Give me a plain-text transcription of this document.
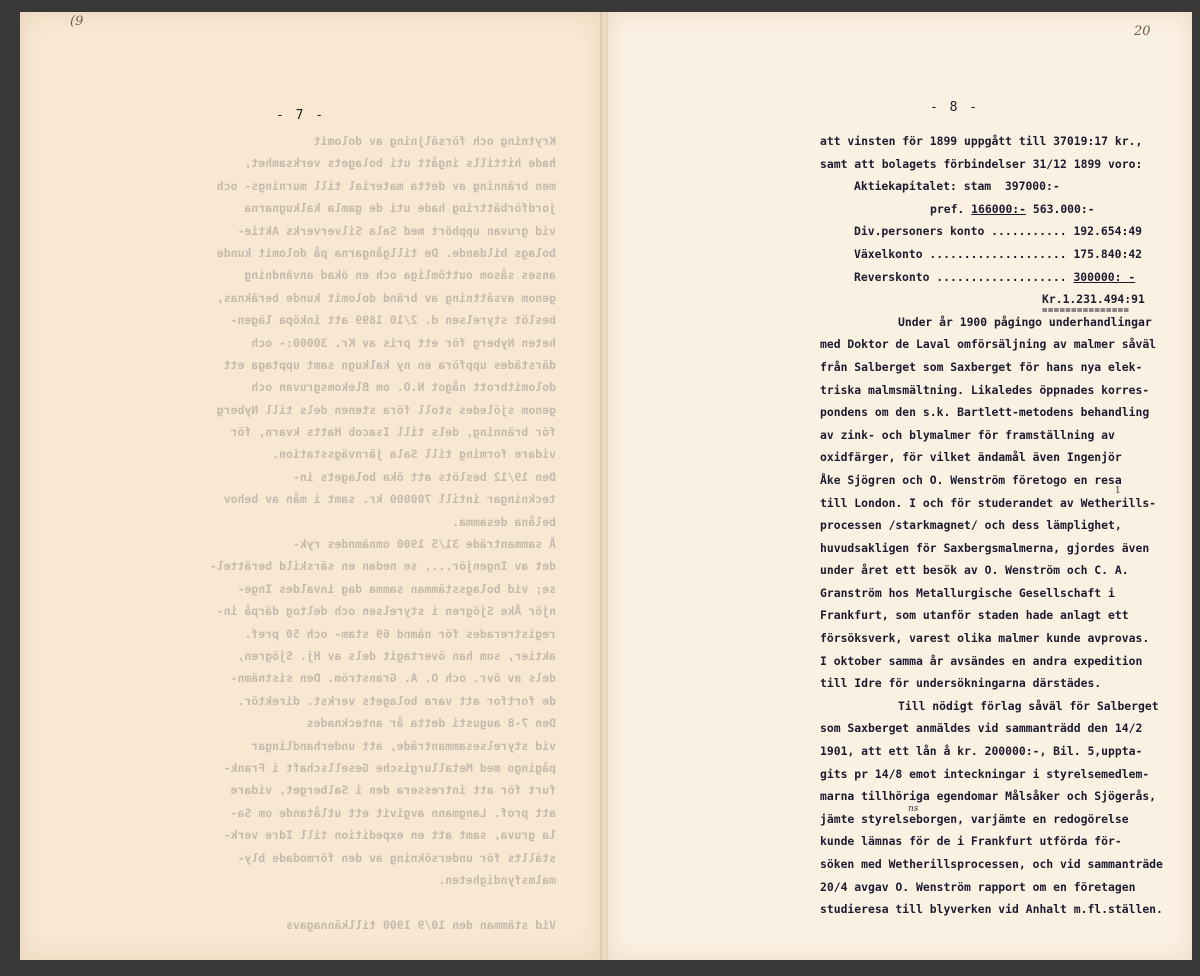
(9
- 7 -
Krytning och försäljning av dolomit
hade hittills ingått uti bolagets verksamhet,
men bränning av detta material till murnings- och
jordförbättring hade uti de gamla kalkugnarna
vid gruvan upphört med Sala Silververks Aktie-
bolags bildande. De tillgångarna på dolomit kunde
anses såsom outtömliga och en ökad användning
genom avsättning av bränd dolomit kunde beräknas,
beslöt styrelsen d. 2/10 1899 att inköpa lägen-
heten Nyberg för ett pris av Kr. 30000:- och
därstädes uppföra en ny kalkugn samt upptaga ett
dolomitbrott något N.O. om Blekomsgruvan och
genom sjöledes stoll föra stenen dels till Nyberg
för bränning, dels till Isacob Hatts kvarn, för
vidare forming till Sala järnvägsstation.
Den 19/12 beslöts att öka bolagets in-
teckningar intill 700000 kr. samt i mån av behov
belåna desamma.
Å sammanträde 31/5 1900 omnämndes ryk-
det av Ingenjör..., se nedan en särskild berättel-
se; vid bolagsstämman samma dag invaldes Inge-
njör Åke Sjögren i styrelsen och deltog därpå in-
registrerades för nämnd 69 stam- och 50 pref.
aktier, som han övertagit dels av Hj. Sjögren,
dels av övr. och O. A. Granström. Den sistnämn-
de fortfor att vara bolagets verkst. direktör.
Den 7-8 augusti detta år antecknades
vid styrelsesammanträde, att underhandlingar
pågingo med Metallurgische Gesellschaft i Frank-
furt för att intressera den i Salberget, vidare
att prof. Langmann avgivit ett utlåtande om Sa-
la gruva, samt att en expedition till Idre verk-
ställts för undersökning av den förmodade bly-
malmsfyndigheten.
Vid stämman den 10/9 1900 tillkännagavs
20
- 8 -
att vinsten för 1899 uppgått till 37019:17 kr.,
samt att bolagets förbindelser 31/12 1899 voro:
Aktiekapitalet: stam 397000:-
pref. 166000:- 563.000:-
Div.personers konto ........... 192.654:49
Växelkonto .................... 175.840:42
Reverskonto ................... 300000: -
Kr.1.231.494:91

===============

Under år 1900 pågingo underhandlingar
med Doktor de Laval omförsäljning av malmer såväl
från Salberget som Saxberget för hans nya elek-
triska malmsmältning. Likaledes öppnades korres-
pondens om den s.k. Bartlett-metodens behandling
av zink- och blymalmer för framställning av
oxidfärger, för vilket ändamål även Ingenjör
Åke Sjögren och O. Wenström företogo en resa
till London. I och för studerandet av Wetherills-
1
processen /starkmagnet/ och dess lämplighet,
huvudsakligen för Saxbergsmalmerna, gjordes även
under året ett besök av O. Wenström och C. A.
Granström hos Metallurgische Gesellschaft i
Frankfurt, som utanför staden hade anlagt ett
försöksverk, varest olika malmer kunde avprovas.
I oktober samma år avsändes en andra expedition
till Idre för undersökningarna därstädes.
Till nödigt förlag såväl för Salberget
som Saxberget anmäldes vid sammanträdd den 14/2
1901, att ett lån å kr. 200000:-, Bil. 5,uppta-
gits pr 14/8 emot inteckningar i styrelsemedlem-
marna tillhöriga egendomar Målsåker och Sjögerås,
jämte styrelseborgen, varjämte en redogörelse
ns
kunde lämnas för de i Frankfurt utförda för-
söken med Wetherillsprocessen, och vid sammanträde
20/4 avgav O. Wenström rapport om en företagen
studieresa till blyverken vid Anhalt m.fl.ställen.
